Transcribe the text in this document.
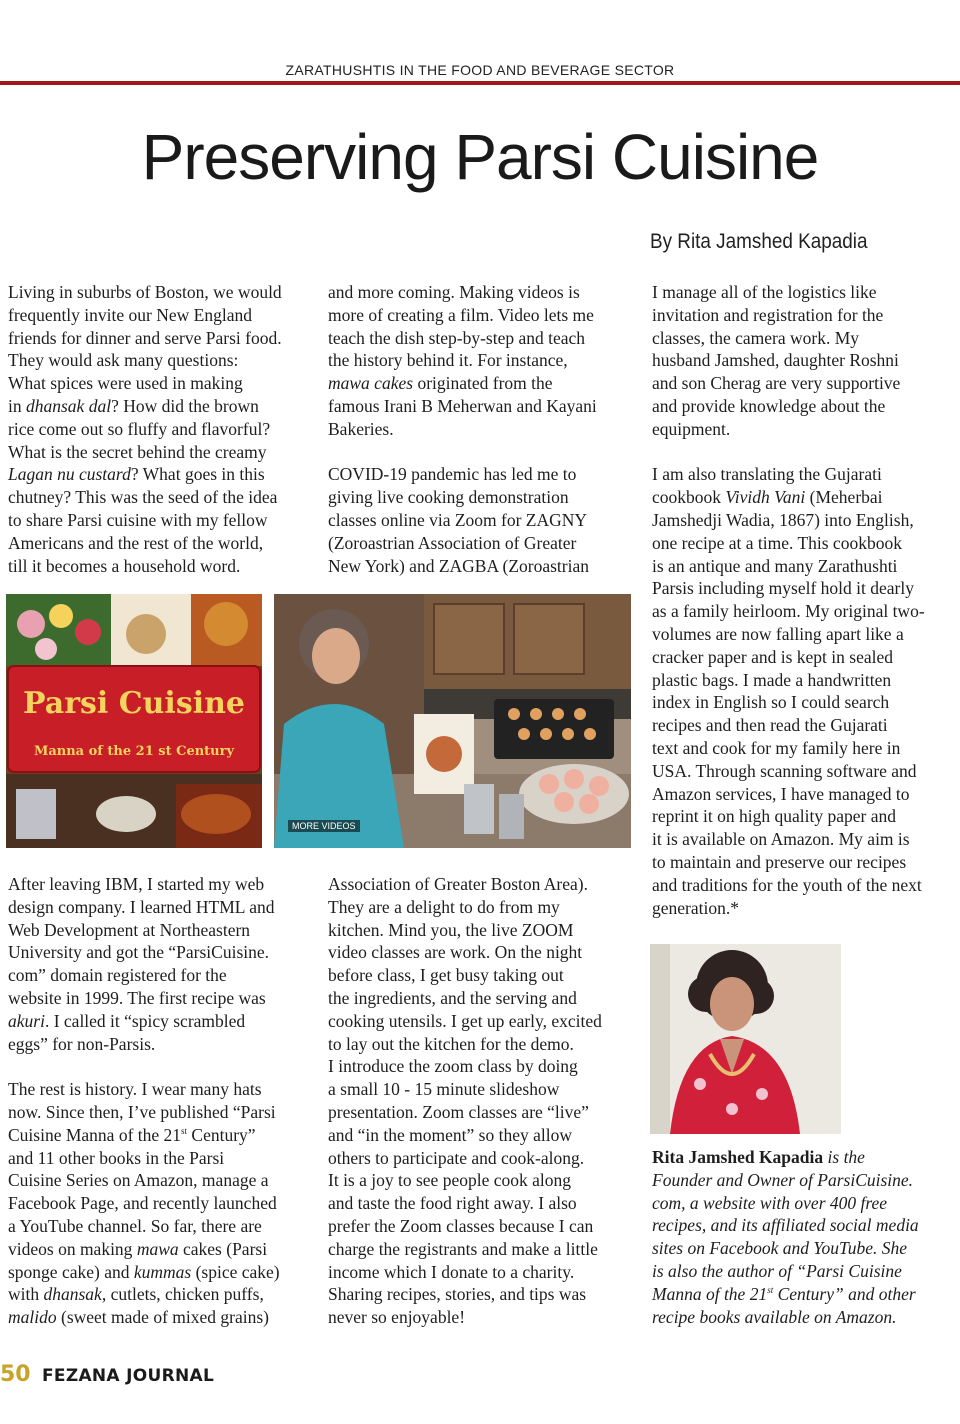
ZARATHUSHTIS IN THE FOOD AND BEVERAGE SECTOR
Preserving Parsi Cuisine
By Rita Jamshed Kapadia

Living in suburbs of Boston, we would
frequently invite our New England
friends for dinner and serve Parsi food.
They would ask many questions:
What spices were used in making
in dhansak dal? How did the brown
rice come out so fluffy and flavorful?
What is the secret behind the creamy
Lagan nu custard? What goes in this
chutney? This was the seed of the idea
to share Parsi cuisine with my fellow
Americans and the rest of the world,
till it becomes a household word.

After leaving IBM, I started my web
design company. I learned HTML and
Web Development at Northeastern
University and got the “ParsiCuisine.
com” domain registered for the
website in 1999. The first recipe was
akuri. I called it “spicy scrambled
eggs” for non-Parsis.

The rest is history. I wear many hats
now. Since then, I’ve published “Parsi
Cuisine Manna of the 21st Century”
and 11 other books in the Parsi
Cuisine Series on Amazon, manage a
Facebook Page, and recently launched
a YouTube channel. So far, there are
videos on making mawa cakes (Parsi
sponge cake) and kummas (spice cake)
with dhansak, cutlets, chicken puffs,
malido (sweet made of mixed grains)

and more coming. Making videos is
more of creating a film. Video lets me
teach the dish step-by-step and teach
the history behind it. For instance,
mawa cakes originated from the
famous Irani B Meherwan and Kayani
Bakeries.

COVID-19 pandemic has led me to
giving live cooking demonstration
classes online via Zoom for ZAGNY
(Zoroastrian Association of Greater
New York) and ZAGBA (Zoroastrian

Association of Greater Boston Area).
They are a delight to do from my
kitchen. Mind you, the live ZOOM
video classes are work. On the night
before class, I get busy taking out
the ingredients, and the serving and
cooking utensils. I get up early, excited
to lay out the kitchen for the demo.
I introduce the zoom class by doing
a small 10 - 15 minute slideshow
presentation. Zoom classes are “live”
and “in the moment” so they allow
others to participate and cook-along.
It is a joy to see people cook along
and taste the food right away. I also
prefer the Zoom classes because I can
charge the registrants and make a little
income which I donate to a charity.
Sharing recipes, stories, and tips was
never so enjoyable!

I manage all of the logistics like
invitation and registration for the
classes, the camera work. My
husband Jamshed, daughter Roshni
and son Cherag are very supportive
and provide knowledge about the
equipment.

I am also translating the Gujarati
cookbook Vividh Vani (Meherbai
Jamshedji Wadia, 1867) into English,
one recipe at a time. This cookbook
is an antique and many Zarathushti
Parsis including myself hold it dearly
as a family heirloom. My original two-
volumes are now falling apart like a
cracker paper and is kept in sealed
plastic bags. I made a handwritten
index in English so I could search
recipes and then read the Gujarati
text and cook for my family here in
USA. Through scanning software and
Amazon services, I have managed to
reprint it on high quality paper and
it is available on Amazon. My aim is
to maintain and preserve our recipes
and traditions for the youth of the next
generation.*

Rita Jamshed Kapadia is the
Founder and Owner of ParsiCuisine.
com, a website with over 400 free
recipes, and its affiliated social media
sites on Facebook and YouTube. She
is also the author of “Parsi Cuisine
Manna of the 21st Century” and other
recipe books available on Amazon.
Parsi Cuisine
Manna of the 21 st Century
MORE VIDEOS
50 FEZANA JOURNAL
